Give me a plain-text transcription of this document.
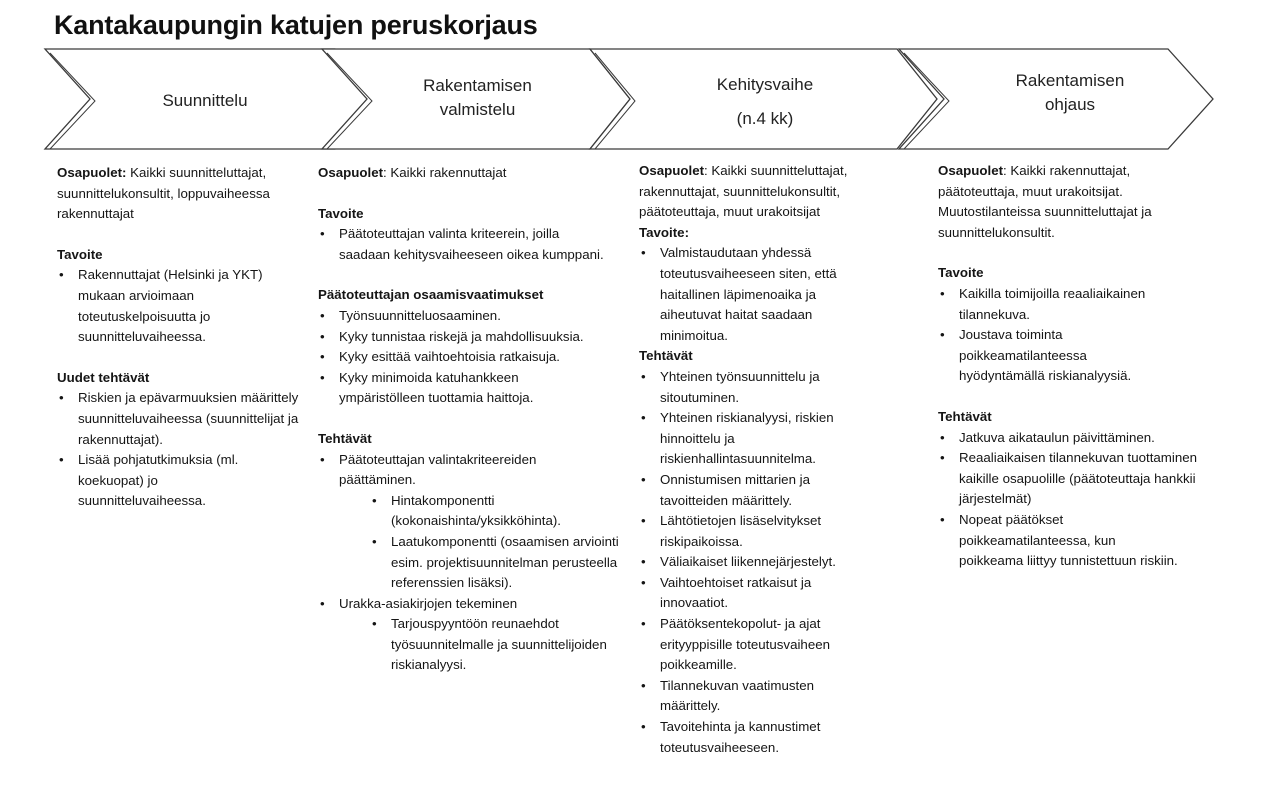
Kantakaupungin katujen peruskorjaus
Suunnittelu
Rakentamisen
valmistelu
Kehitysvaihe
(n.4 kk)
Rakentamisen
ohjaus

Osapuolet: Kaikki suunnitteluttajat, suunnittelukonsultit, loppuvaiheessa rakennuttajat

Tavoite
• Rakennuttajat (Helsinki ja YKT) mukaan arvioimaan toteutuskelpoisuutta jo suunnitteluvaiheessa.
Uudet tehtävät
• Riskien ja epävarmuuksien määrittely suunnitteluvaiheessa (suunnittelijat ja rakennuttajat).
• Lisää pohjatutkimuksia (ml. koekuopat) jo suunnitteluvaiheessa.

Osapuolet: Kaikki rakennuttajat

Tavoite
• Päätoteuttajan valinta kriteerein, joilla saadaan kehitysvaiheeseen oikea kumppani.
Päätoteuttajan osaamisvaatimukset
• Työnsuunnitteluosaaminen.
• Kyky tunnistaa riskejä ja mahdollisuuksia.
• Kyky esittää vaihtoehtoisia ratkaisuja.
• Kyky minimoida katuhankkeen ympäristölleen tuottamia haittoja.
Tehtävät
• Päätoteuttajan valintakriteereiden päättäminen.
• Hintakomponentti (kokonaishinta/yksikköhinta).
• Laatukomponentti (osaamisen arviointi esim. projektisuunnitelman perusteella referenssien lisäksi).
• Urakka-asiakirjojen tekeminen
• Tarjouspyyntöön reunaehdot työsuunnitelmalle ja suunnittelijoiden riskianalyysi.

Osapuolet: Kaikki suunnitteluttajat, rakennuttajat, suunnittelukonsultit, päätoteuttaja, muut urakoitsijat

Tavoite:
• Valmistaudutaan yhdessä toteutusvaiheeseen siten, että haitallinen läpimenoaika ja aiheutuvat haitat saadaan minimoitua.
Tehtävät
• Yhteinen työnsuunnittelu ja sitoutuminen.
• Yhteinen riskianalyysi, riskien hinnoittelu ja riskienhallintasuunnitelma.
• Onnistumisen mittarien ja tavoitteiden määrittely.
• Lähtötietojen lisäselvitykset riskipaikoissa.
• Väliaikaiset liikennejärjestelyt.
• Vaihtoehtoiset ratkaisut ja innovaatiot.
• Päätöksentekopolut- ja ajat erityyppisille toteutusvaiheen poikkeamille.
• Tilannekuvan vaatimusten määrittely.
• Tavoitehinta ja kannustimet toteutusvaiheeseen.

Osapuolet: Kaikki rakennuttajat, päätoteuttaja, muut urakoitsijat. Muutostilanteissa suunnitteluttajat ja suunnittelukonsultit.

Tavoite
• Kaikilla toimijoilla reaaliaikainen tilannekuva.
• Joustava toiminta poikkeamatilanteessa hyödyntämällä riskianalyysiä.
Tehtävät
• Jatkuva aikataulun päivittäminen.
• Reaaliaikaisen tilannekuvan tuottaminen kaikille osapuolille (päätoteuttaja hankkii järjestelmät)
• Nopeat päätökset poikkeamatilanteessa, kun poikkeama liittyy tunnistettuun riskiin.
